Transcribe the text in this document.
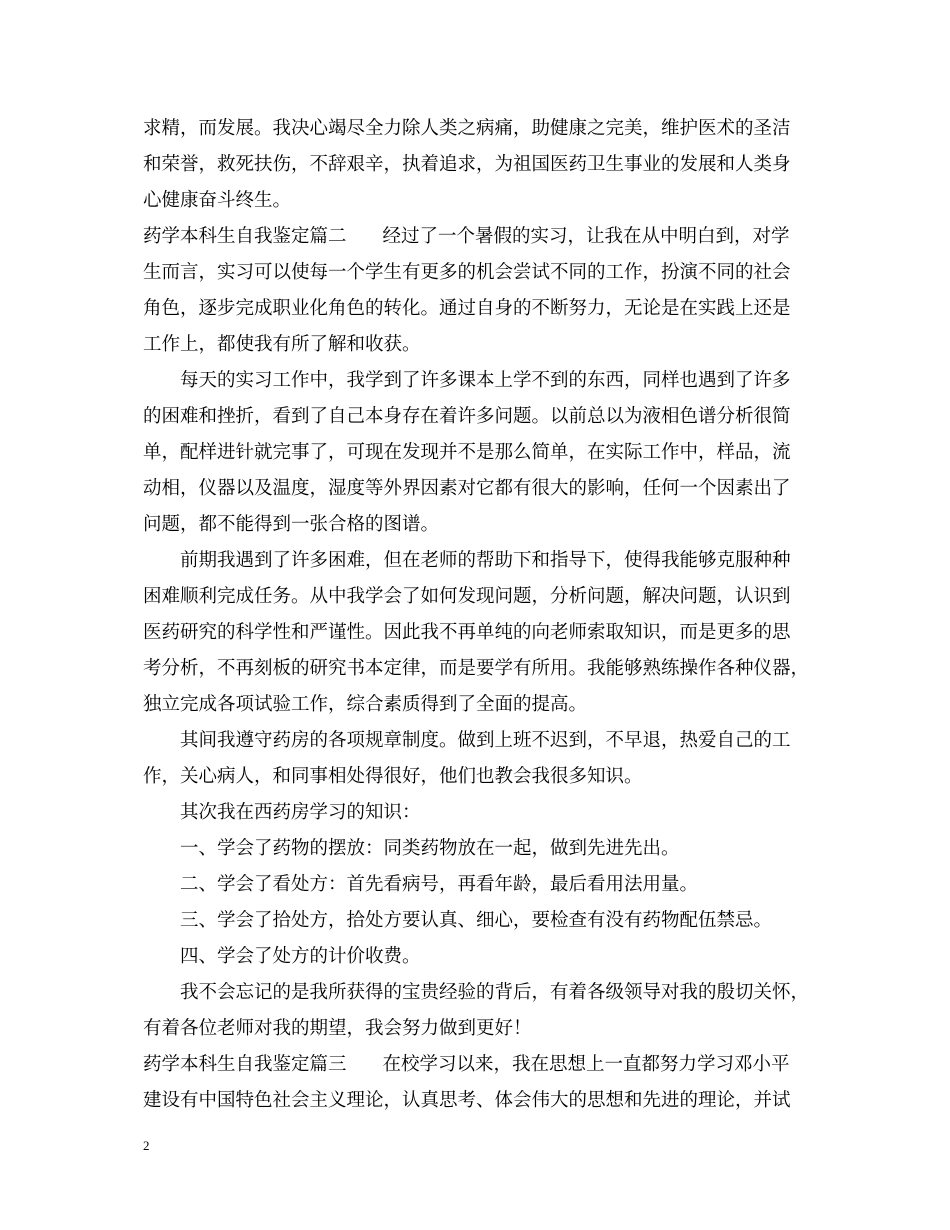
求精，而发展。我决心竭尽全力除人类之病痛，助健康之完美，维护医术的圣洁
和荣誉，救死扶伤，不辞艰辛，执着追求，为祖国医药卫生事业的发展和人类身
心健康奋斗终生。
药学本科生自我鉴定篇二 经过了一个暑假的实习，让我在从中明白到，对学
生而言，实习可以使每一个学生有更多的机会尝试不同的工作，扮演不同的社会
角色，逐步完成职业化角色的转化。通过自身的不断努力，无论是在实践上还是
工作上，都使我有所了解和收获。
每天的实习工作中，我学到了许多课本上学不到的东西，同样也遇到了许多
的困难和挫折，看到了自己本身存在着许多问题。以前总以为液相色谱分析很简
单，配样进针就完事了，可现在发现并不是那么简单，在实际工作中，样品，流
动相，仪器以及温度，湿度等外界因素对它都有很大的影响，任何一个因素出了
问题，都不能得到一张合格的图谱。
前期我遇到了许多困难，但在老师的帮助下和指导下，使得我能够克服种种
困难顺利完成任务。从中我学会了如何发现问题，分析问题，解决问题，认识到
医药研究的科学性和严谨性。因此我不再单纯的向老师索取知识，而是更多的思
考分析，不再刻板的研究书本定律，而是要学有所用。我能够熟练操作各种仪器，
独立完成各项试验工作，综合素质得到了全面的提高。
其间我遵守药房的各项规章制度。做到上班不迟到，不早退，热爱自己的工
作，关心病人，和同事相处得很好，他们也教会我很多知识。
其次我在西药房学习的知识：
一、学会了药物的摆放：同类药物放在一起，做到先进先出。
二、学会了看处方：首先看病号，再看年龄，最后看用法用量。
三、学会了拾处方，拾处方要认真、细心，要检查有没有药物配伍禁忌。
四、学会了处方的计价收费。
我不会忘记的是我所获得的宝贵经验的背后，有着各级领导对我的殷切关怀，
有着各位老师对我的期望，我会努力做到更好！
药学本科生自我鉴定篇三 在校学习以来，我在思想上一直都努力学习邓小平
建设有中国特色社会主义理论，认真思考、体会伟大的思想和先进的理论，并试
2
